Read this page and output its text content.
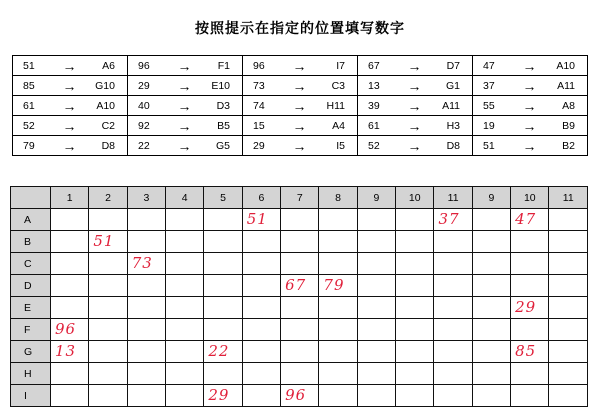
按照提示在指定的位置填写数字
51	→	A6	96	→	F1	96	→	I7	67	→	D7	47	→	A10
85	→	G10	29	→	E10	73	→	C3	13	→	G1	37	→	A11
61	→	A10	40	→	D3	74	→	H11	39	→	A11	55	→	A8
52	→	C2	92	→	B5	15	→	A4	61	→	H3	19	→	B9
79	→	D8	22	→	G5	29	→	I5	52	→	D8	51	→	B2
	1	2	3	4	5	6	7	8	9	10	11	9	10	11
A						51					37		47	

B		51												

C			73											

D							67	79						

E													29	

F	96													

G	13				22								85	

H														
I					29		96							
